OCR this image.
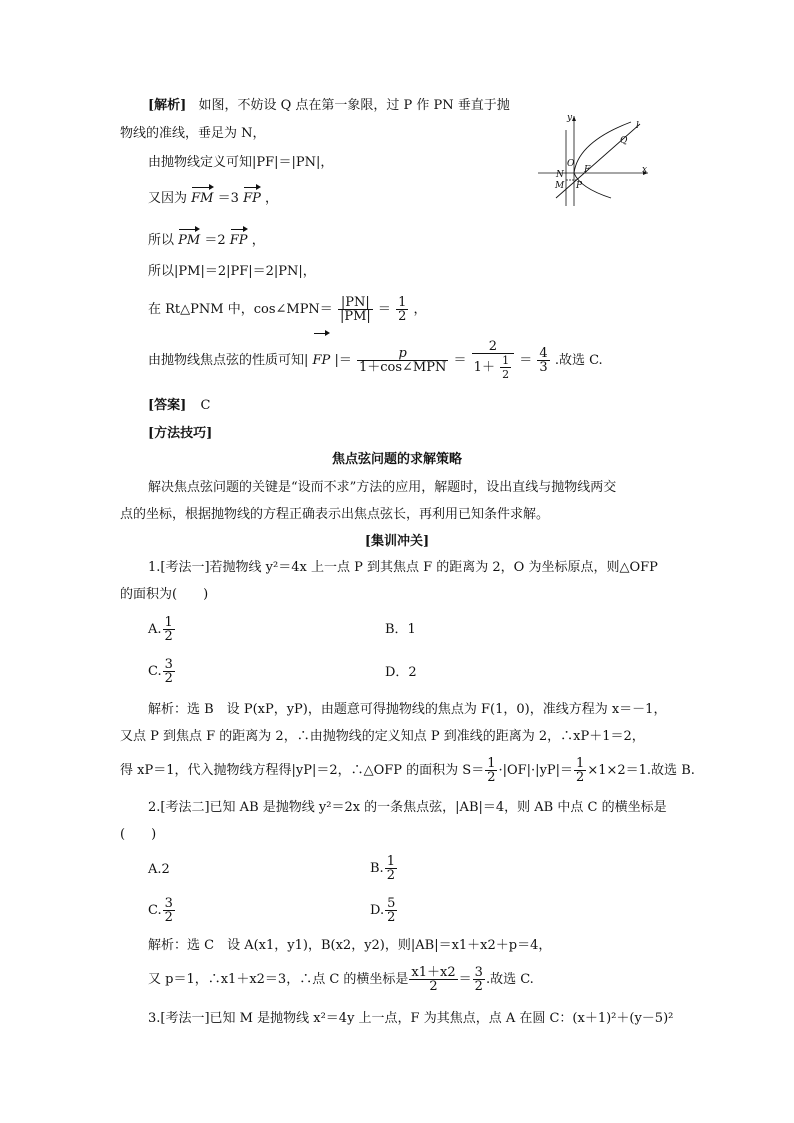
[解析] 如图，不妨设 Q 点在第一象限，过 P 作 PN 垂直于抛
物线的准线，垂足为 N，
由抛物线定义可知|PF|＝|PN|，
又因为 FM ＝3 FP ，
所以 PM ＝2 FP ，
所以|PM|＝2|PF|＝2|PN|，
在 Rt△PNM 中，cos∠MPN＝ $\frac{|PN|}{|PM|} = \frac{1}{2}$ ，
由抛物线焦点弦的性质可知| FP |＝ $\frac{p}{\text{1＋cos∠MPN}} = \frac{2}{1+ \frac{1}{2}} = \frac{4}{3}$ .故选 C.
y
l
Q
O
N F	x
M P
[答案] C
[方法技巧]
焦点弦问题的求解策略
解决焦点弦问题的关键是“设而不求”方法的应用，解题时，设出直线与抛物线两交
点的坐标，根据抛物线的方程正确表示出焦点弦长，再利用已知条件求解。
[集训冲关]
1.[考法一]若抛物线 y²＝4x 上一点 P 到其焦点 F 的距离为 2，O 为坐标原点，则△OFP
的面积为(　　)
A. $\frac{1}{2}$	B．1
C. $\frac{3}{2}$	D．2
解析：选 B　设 P(xP，yP)，由题意可得抛物线的焦点为 F(1，0)，准线方程为 x＝－1，
又点 P 到焦点 F 的距离为 2，∴由抛物线的定义知点 P 到准线的距离为 2，∴xP＋1＝2，
得 xP＝1，代入抛物线方程得|yP|＝2，∴△OFP 的面积为 $S= \frac{1}{2} \cdot|OF|\cdot|yP|= \frac{1}{2} \times 1\times 2=1$.故选 B.
2.[考法二]已知 AB 是抛物线 y²＝2x 的一条焦点弦，|AB|＝4，则 AB 中点 C 的横坐标是
(　　)
A.2	B. $\frac{1}{2}$
C. $\frac{3}{2}$	D. $\frac{5}{2}$
解析：选 C　设 A(x1，y1)，B(x2，y2)，则|AB|＝x1＋x2＋p＝4，
又 p＝1，∴x1＋x2＝3，∴点 C 的横坐标是 $\frac{x1+x2}{2} = \frac{3}{2}$ .故选 C.
3.[考法一]已知 M 是抛物线 x²＝4y 上一点，F 为其焦点，点 A 在圆 C：(x＋1)²＋(y－5)²
